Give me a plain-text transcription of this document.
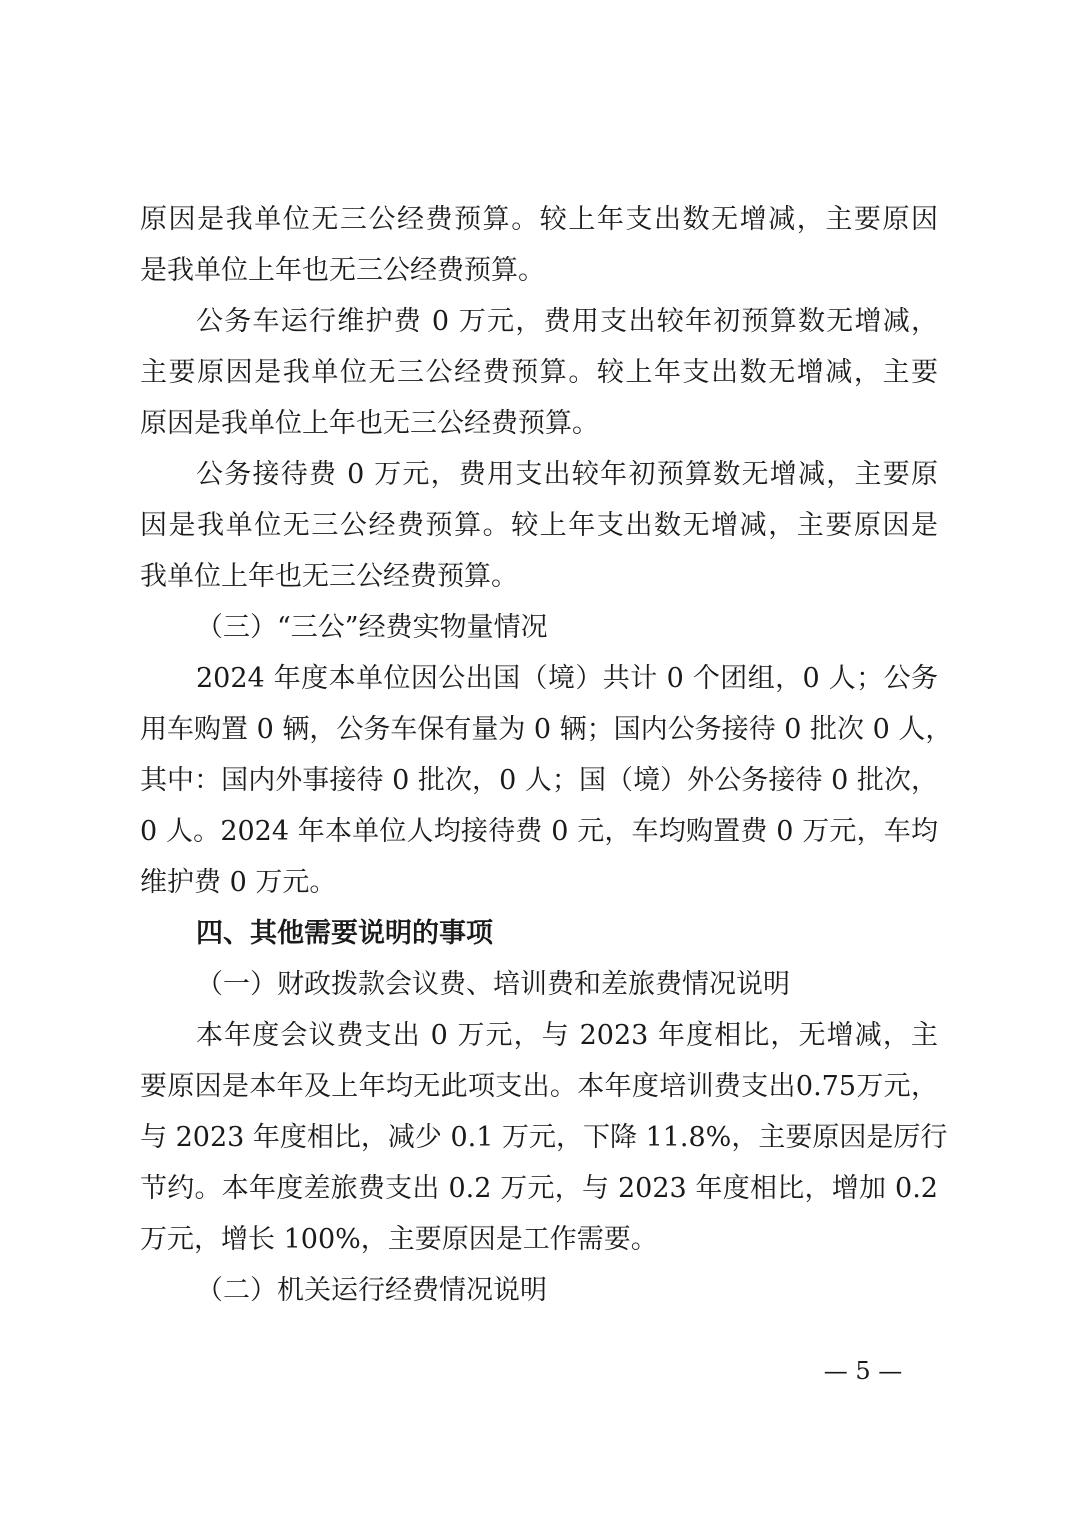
原因是我单位无三公经费预算。较上年支出数无增减，主要原因
是我单位上年也无三公经费预算。
公务车运行维护费 0 万元，费用支出较年初预算数无增减，
主要原因是我单位无三公经费预算。较上年支出数无增减，主要
原因是我单位上年也无三公经费预算。
公务接待费 0 万元，费用支出较年初预算数无增减，主要原
因是我单位无三公经费预算。较上年支出数无增减，主要原因是
我单位上年也无三公经费预算。
（三）“三公”经费实物量情况
2024 年度本单位因公出国（境）共计 0 个团组，0 人；公务
用车购置 0 辆，公务车保有量为 0 辆；国内公务接待 0 批次 0 人，
其中：国内外事接待 0 批次，0 人；国（境）外公务接待 0 批次，
0 人。2024 年本单位人均接待费 0 元，车均购置费 0 万元，车均
维护费 0 万元。
四、其他需要说明的事项
（一）财政拨款会议费、培训费和差旅费情况说明
本年度会议费支出 0 万元，与 2023 年度相比，无增减，主
要原因是本年及上年均无此项支出。本年度培训费支出0.75万元，
与 2023 年度相比，减少 0.1 万元，下降 11.8%，主要原因是厉行
节约。本年度差旅费支出 0.2 万元，与 2023 年度相比，增加 0.2
万元，增长 100%，主要原因是工作需要。
（二）机关运行经费情况说明
— 5 —
